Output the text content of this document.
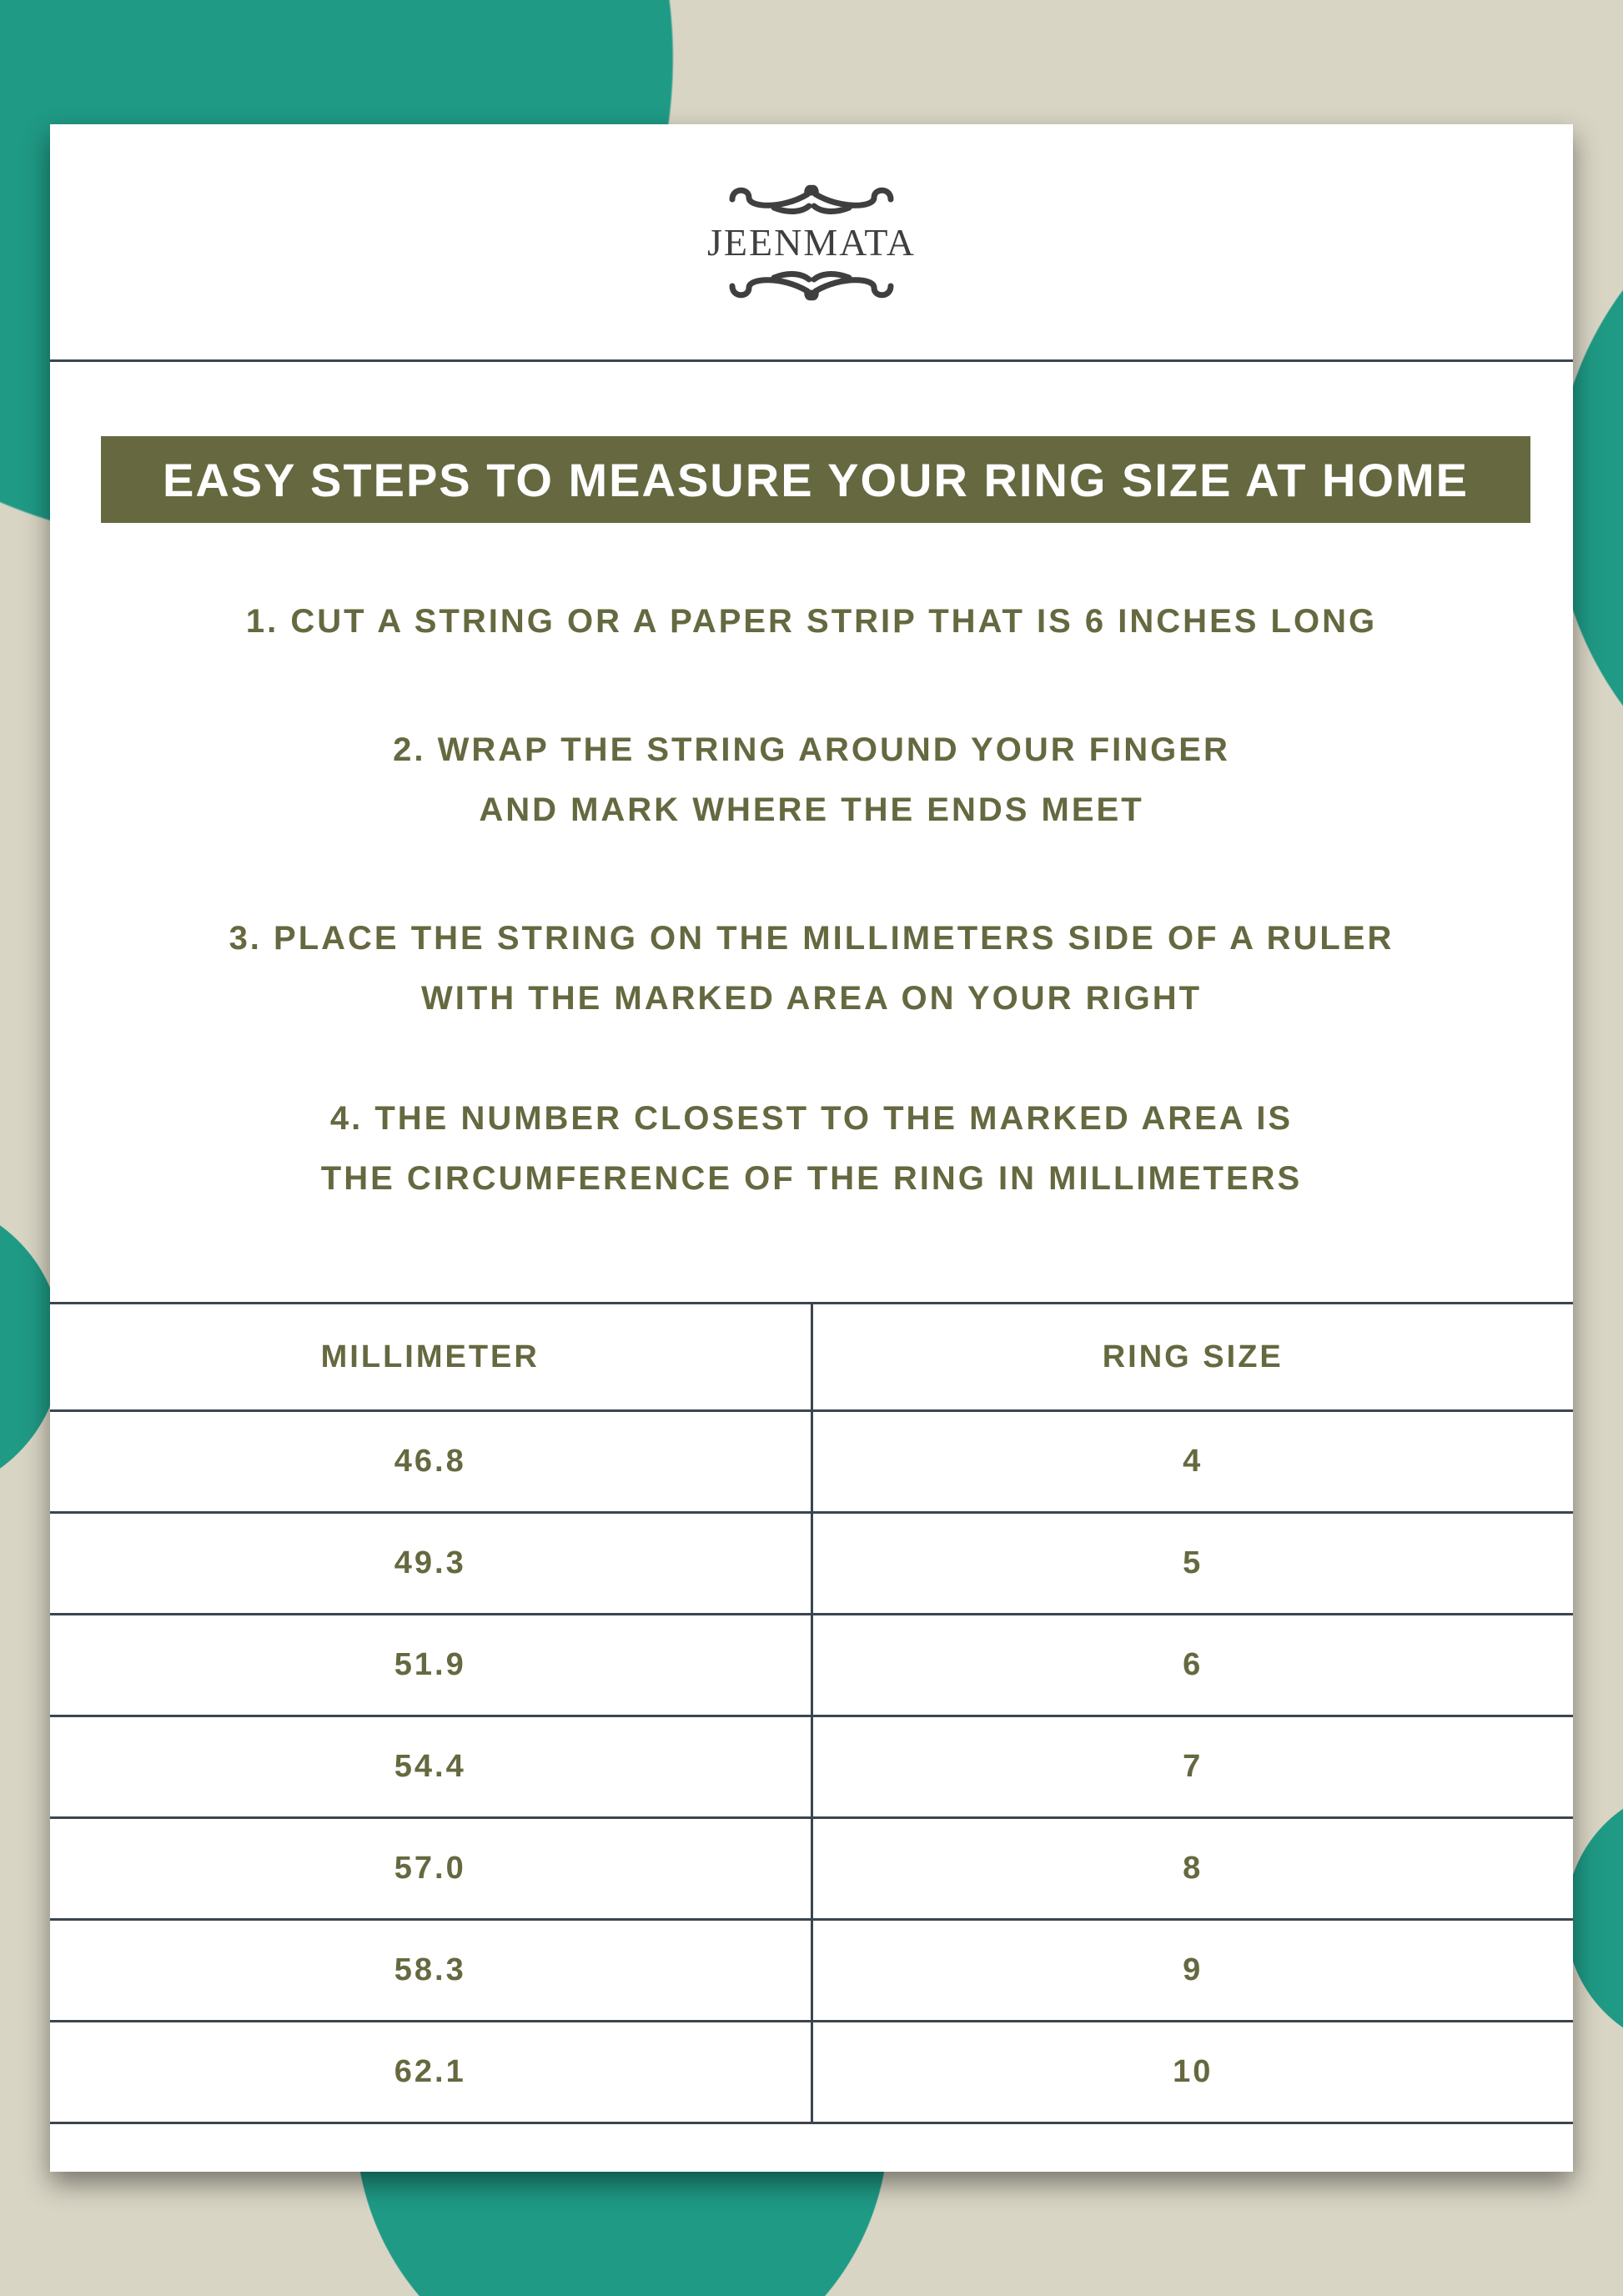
JEENMATA
EASY STEPS TO MEASURE YOUR RING SIZE AT HOME

1. CUT A STRING OR A PAPER STRIP THAT IS 6 INCHES LONG

2. WRAP THE STRING AROUND YOUR FINGER

AND MARK WHERE THE ENDS MEET

3. PLACE THE STRING ON THE MILLIMETERS SIDE OF A RULER

WITH THE MARKED AREA ON YOUR RIGHT

4. THE NUMBER CLOSEST TO THE MARKED AREA IS

THE CIRCUMFERENCE OF THE RING IN MILLIMETERS

MILLIMETER	RING SIZE
46.8	4
49.3	5
51.9	6
54.4	7
57.0	8
58.3	9
62.1	10
